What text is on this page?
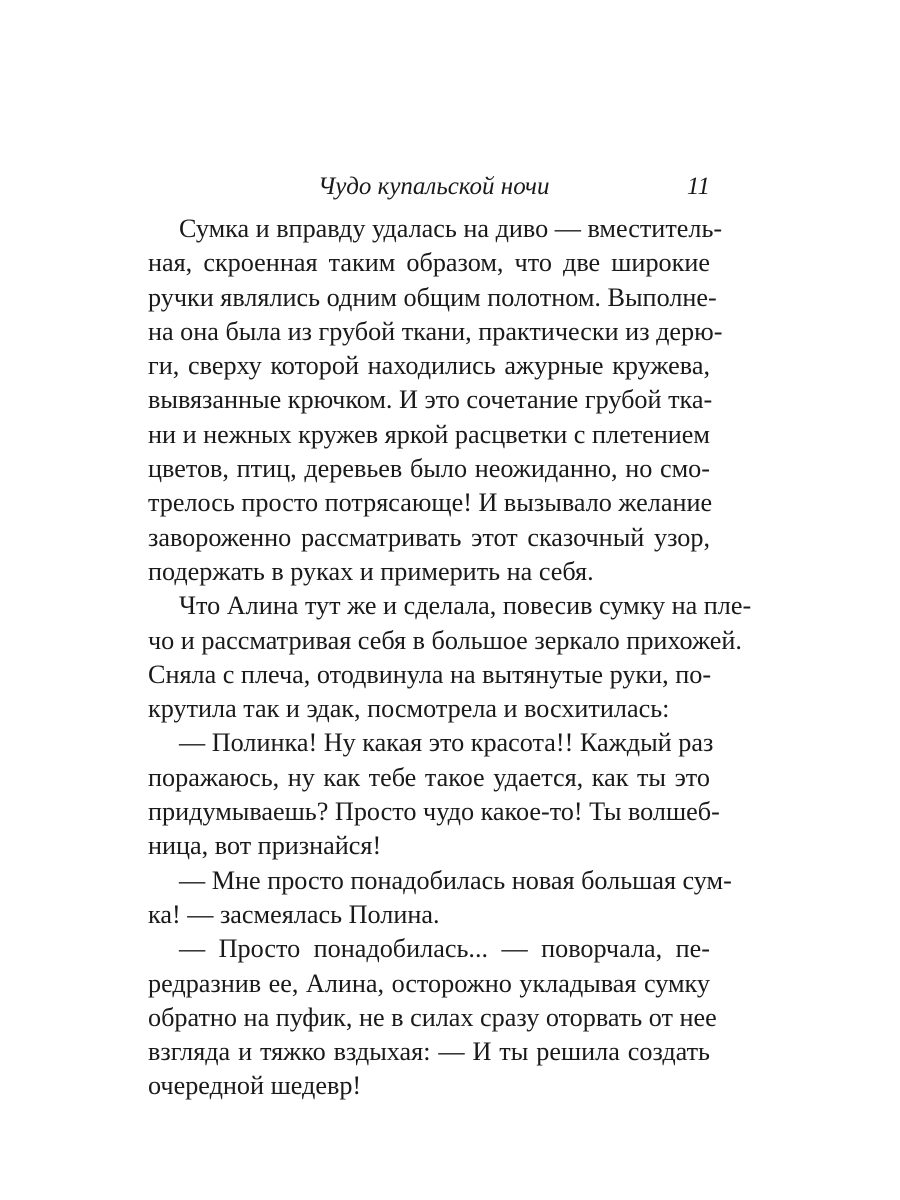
Чудо купальской ночи	11

Сумка и вправду удалась на диво — вместитель-
ная, скроенная таким образом, что две широкие
ручки являлись одним общим полотном. Выполне-
на она была из грубой ткани, практически из дерю-
ги, сверху которой находились ажурные кружева,
вывязанные крючком. И это сочетание грубой тка-
ни и нежных кружев яркой расцветки с плетением
цветов, птиц, деревьев было неожиданно, но смо-
трелось просто потрясающе! И вызывало желание
завороженно рассматривать этот сказочный узор,
подержать в руках и примерить на себя.

Что Алина тут же и сделала, повесив сумку на пле-
чо и рассматривая себя в большое зеркало прихожей.
Сняла с плеча, отодвинула на вытянутые руки, по-
крутила так и эдак, посмотрела и восхитилась:

— Полинка! Ну какая это красота!! Каждый раз
поражаюсь, ну как тебе такое удается, как ты это
придумываешь? Просто чудо какое-то! Ты волшеб-
ница, вот признайся!

— Мне просто понадобилась новая большая сум-
ка! — засмеялась Полина.

— Просто понадобилась... — поворчала, пе-
редразнив ее, Алина, осторожно укладывая сумку
обратно на пуфик, не в силах сразу оторвать от нее
взгляда и тяжко вздыхая: — И ты решила создать
очередной шедевр!
